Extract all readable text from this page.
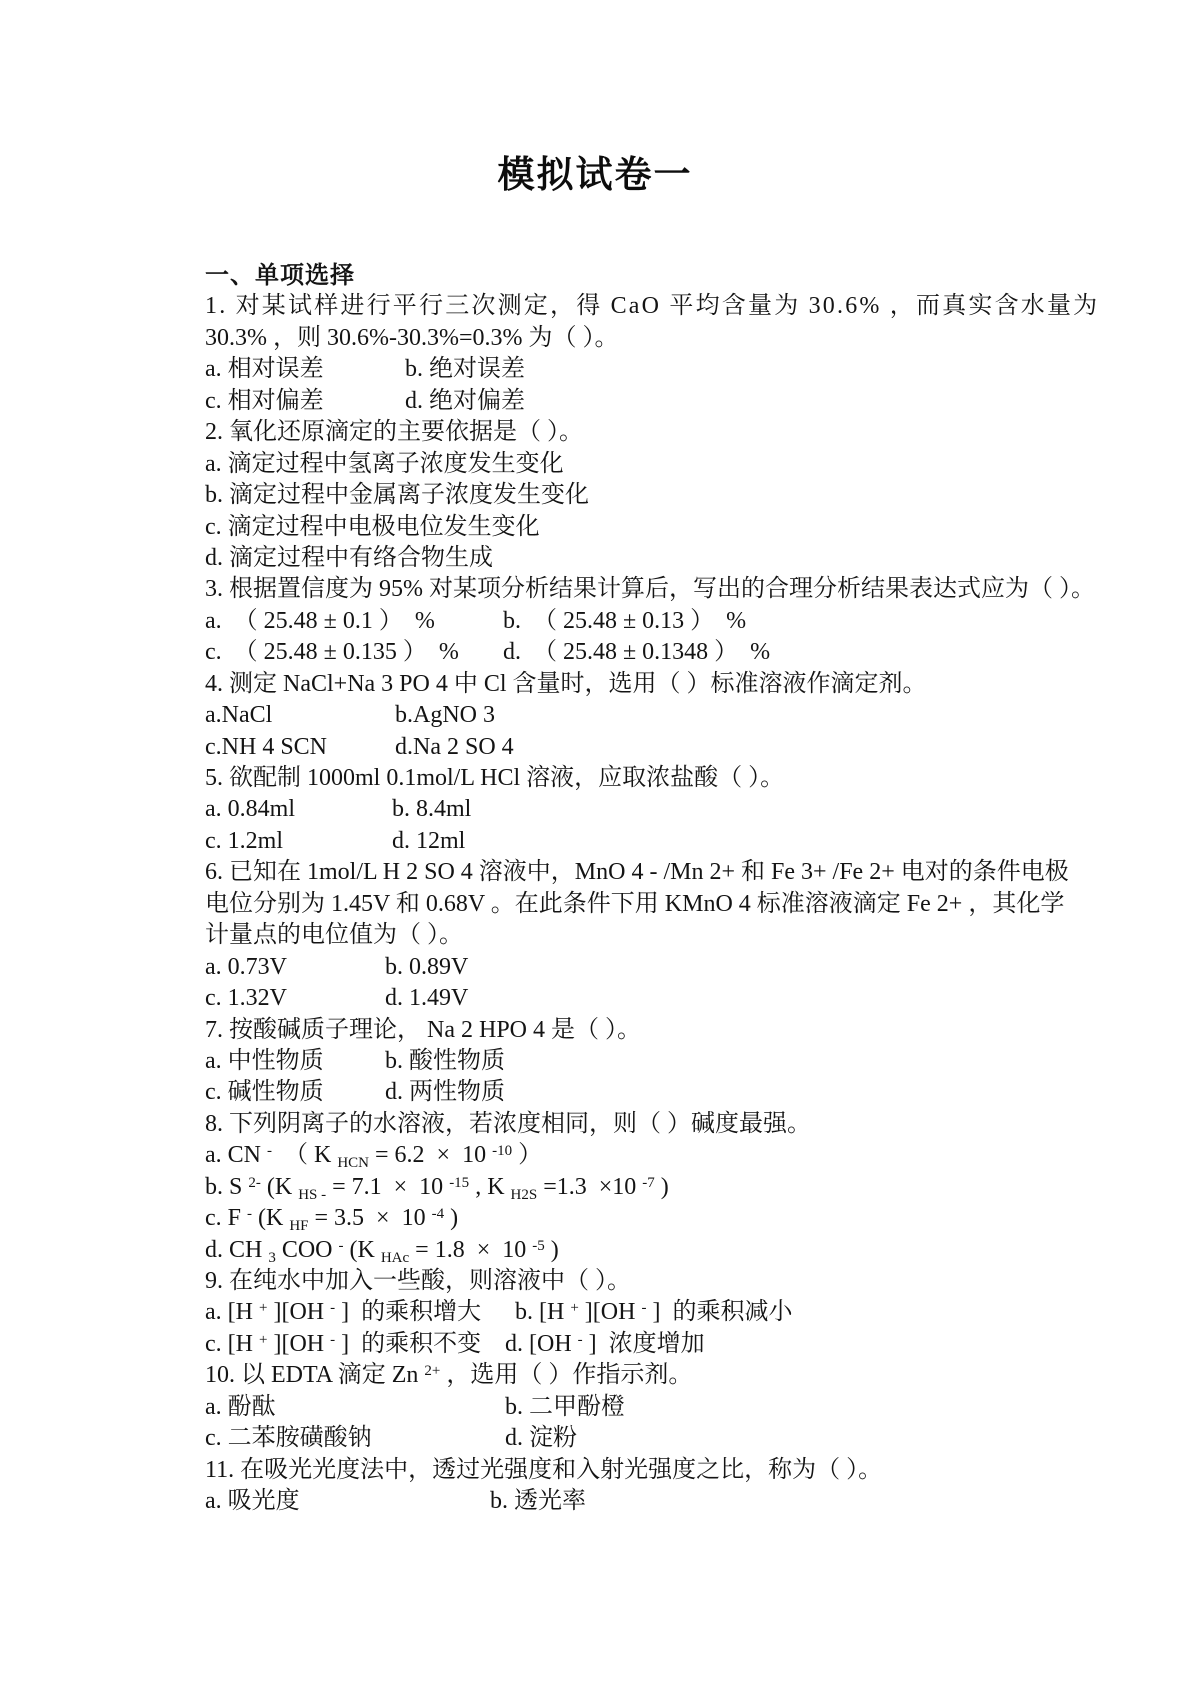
模拟试卷一
一、单项选择
1. 对某试样进行平行三次测定，得 CaO 平均含量为 30.6% ，而真实含水量为
30.3% ，则 30.6%-30.3%=0.3% 为（ ）。
a. 相对误差	b. 绝对误差
c. 相对偏差	d. 绝对偏差
2. 氧化还原滴定的主要依据是（ ）。
a. 滴定过程中氢离子浓度发生变化
b. 滴定过程中金属离子浓度发生变化
c. 滴定过程中电极电位发生变化
d. 滴定过程中有络合物生成
3. 根据置信度为 95% 对某项分析结果计算后，写出的合理分析结果表达式应为（ ）。
a.  （ 25.48 ± 0.1 ）  %	b.  （ 25.48 ± 0.13 ）  %
c.  （ 25.48 ± 0.135 ）  %	d.  （ 25.48 ± 0.1348 ）  %
4. 测定 NaCl+Na 3 PO 4 中 Cl 含量时，选用（ ）标准溶液作滴定剂。
a.NaCl	b.AgNO 3
c.NH 4 SCN	d.Na 2 SO 4
5. 欲配制 1000ml 0.1mol/L HCl 溶液，应取浓盐酸（ ）。
a. 0.84ml	b. 8.4ml
c. 1.2ml	d. 12ml
6. 已知在 1mol/L H 2 SO 4 溶液中，MnO 4 - /Mn 2+ 和 Fe 3+ /Fe 2+ 电对的条件电极
电位分别为 1.45V 和 0.68V 。在此条件下用 KMnO 4 标准溶液滴定 Fe 2+ ，其化学
计量点的电位值为（ ）。
a. 0.73V	b. 0.89V
c. 1.32V	d. 1.49V
7. 按酸碱质子理论， Na 2 HPO 4 是（ ）。
a. 中性物质	b. 酸性物质
c. 碱性物质	d. 两性物质
8. 下列阴离子的水溶液，若浓度相同，则（ ）碱度最强。
a. CN -  （ K $_{HCN}$ = 6.2  ×  10 $^{-10}$ ）
b. S $^{2-}$ (K $_{HS -}$ = 7.1  ×  10 $^{-15}$ , K $_{H2S}$ =1.3  ×10 $^{-7}$ )
c. F - (K $_{HF}$ = 3.5  ×  10 $^{-4}$ )
d. CH $_3$ COO - (K $_{HAc}$ = 1.8  ×  10 $^{-5}$ )
9. 在纯水中加入一些酸，则溶液中（ ）。
a. [H + ][OH - ]  的乘积增大	b. [H + ][OH - ]  的乘积减小
c. [H + ][OH - ]  的乘积不变 d. [OH - ]  浓度增加
10. 以 EDTA 滴定 Zn $^{2+}$ ，选用（ ）作指示剂。
a. 酚酞	b. 二甲酚橙
c. 二苯胺磺酸钠	d. 淀粉
11. 在吸光光度法中，透过光强度和入射光强度之比，称为（ ）。
a. 吸光度	b. 透光率
